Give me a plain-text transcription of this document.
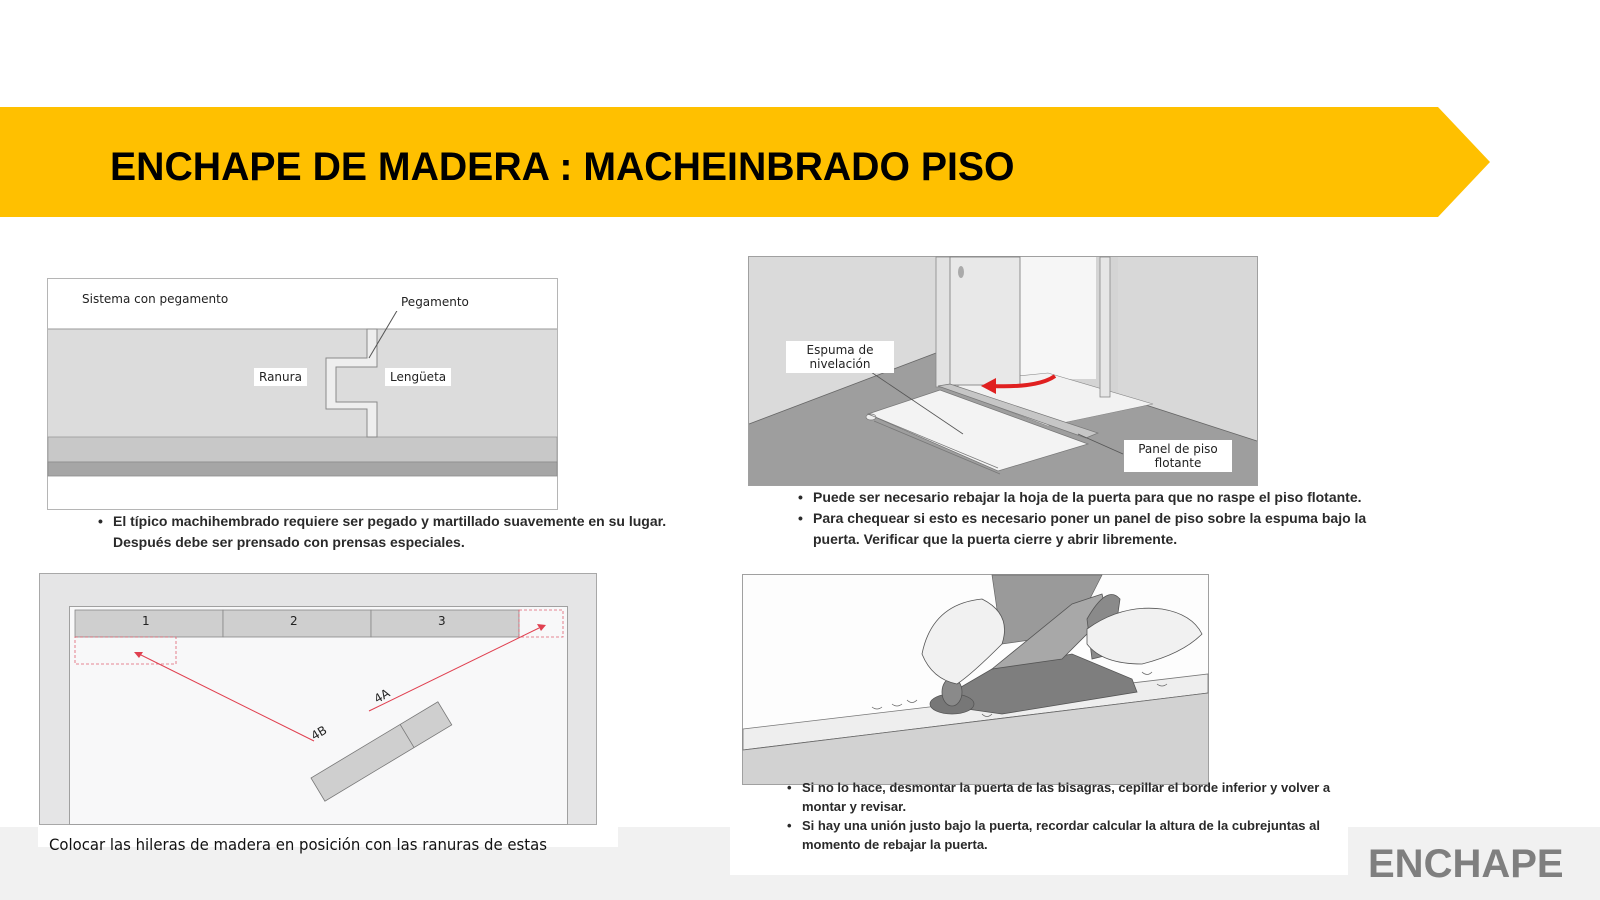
ENCHAPE DE MADERA : MACHEINBRADO PISO
Sistema con pegamento	Pegamento
Ranura	Lengüeta
• El típico machihembrado requiere ser pegado y martillado suavemente en su lugar. Después debe ser prensado con prensas especiales.
Espuma de nivelación
Panel de piso flotante
• Puede ser necesario rebajar la hoja de la puerta para que no raspe el piso flotante.
• Para chequear si esto es necesario poner un panel de piso sobre la espuma bajo la puerta. Verificar que la puerta cierre y abrir libremente.
1	2	3
4B
4A
Colocar las hileras de madera en posición con las ranuras de estas
• Si no lo hace, desmontar la puerta de las bisagras, cepillar el borde inferior y volver a montar y revisar.
• Si hay una unión justo bajo la puerta, recordar calcular la altura de la cubrejuntas al momento de rebajar la puerta.	ENCHAPE
